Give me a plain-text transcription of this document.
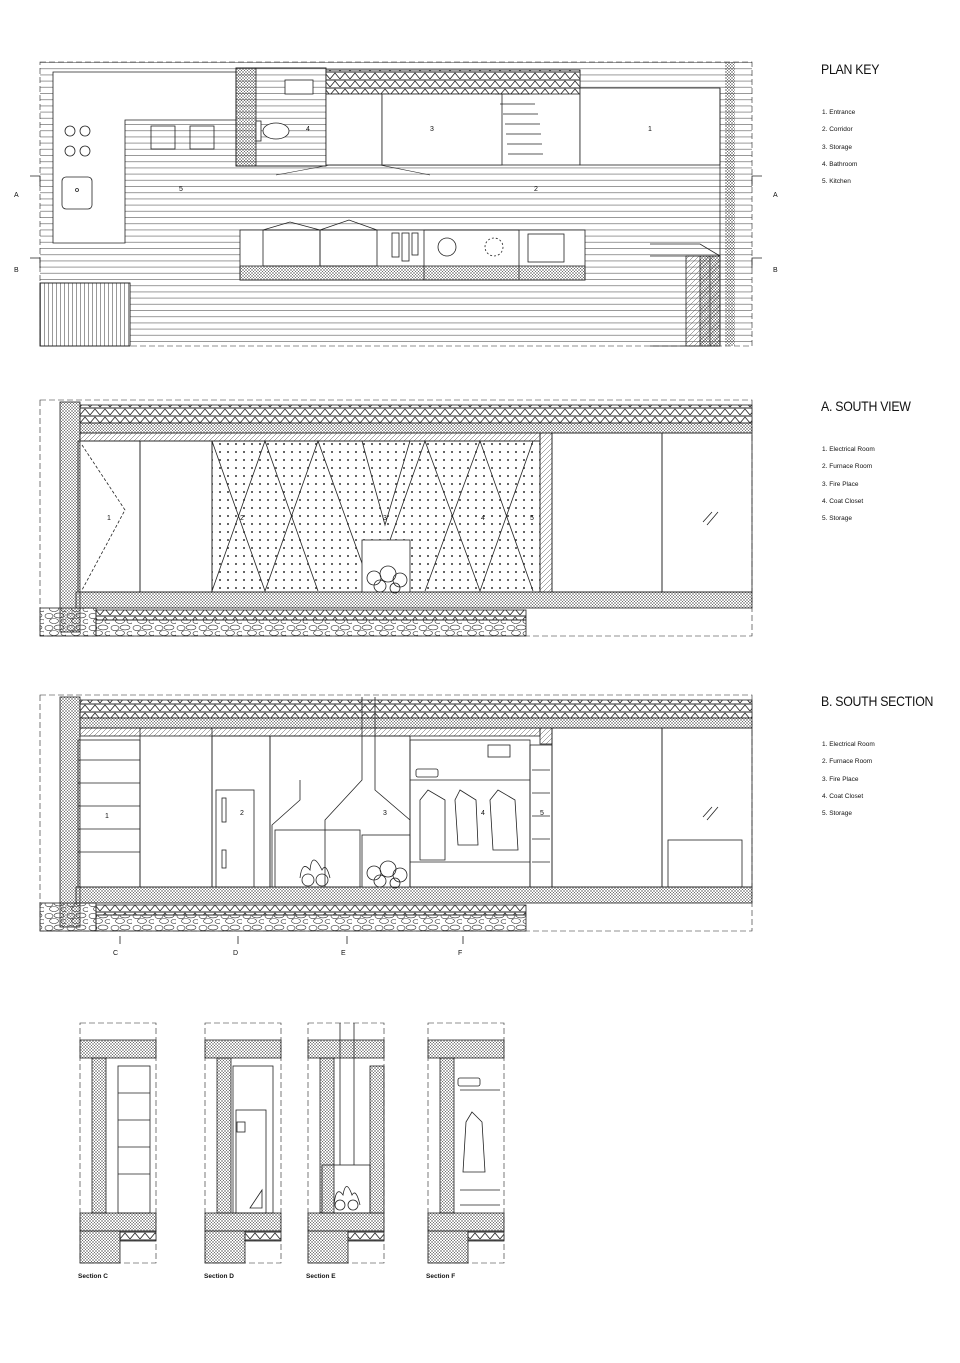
4	3	1
5	2
1	2	3	4	5
1	2	3	4	5
PLAN KEY
1. Entrance
2. Corridor
3. Storage
4. Bathroom
5. Kitchen
A. SOUTH VIEW
1. Electrical Room
2. Furnace Room
3. Fire Place
4. Coat Closet
5. Storage
B. SOUTH SECTION
1. Electrical Room
2. Furnace Room
3. Fire Place
4. Coat Closet
5. Storage
A	A
B	B
C	D	E	F
Section C	Section D	Section E	Section F
